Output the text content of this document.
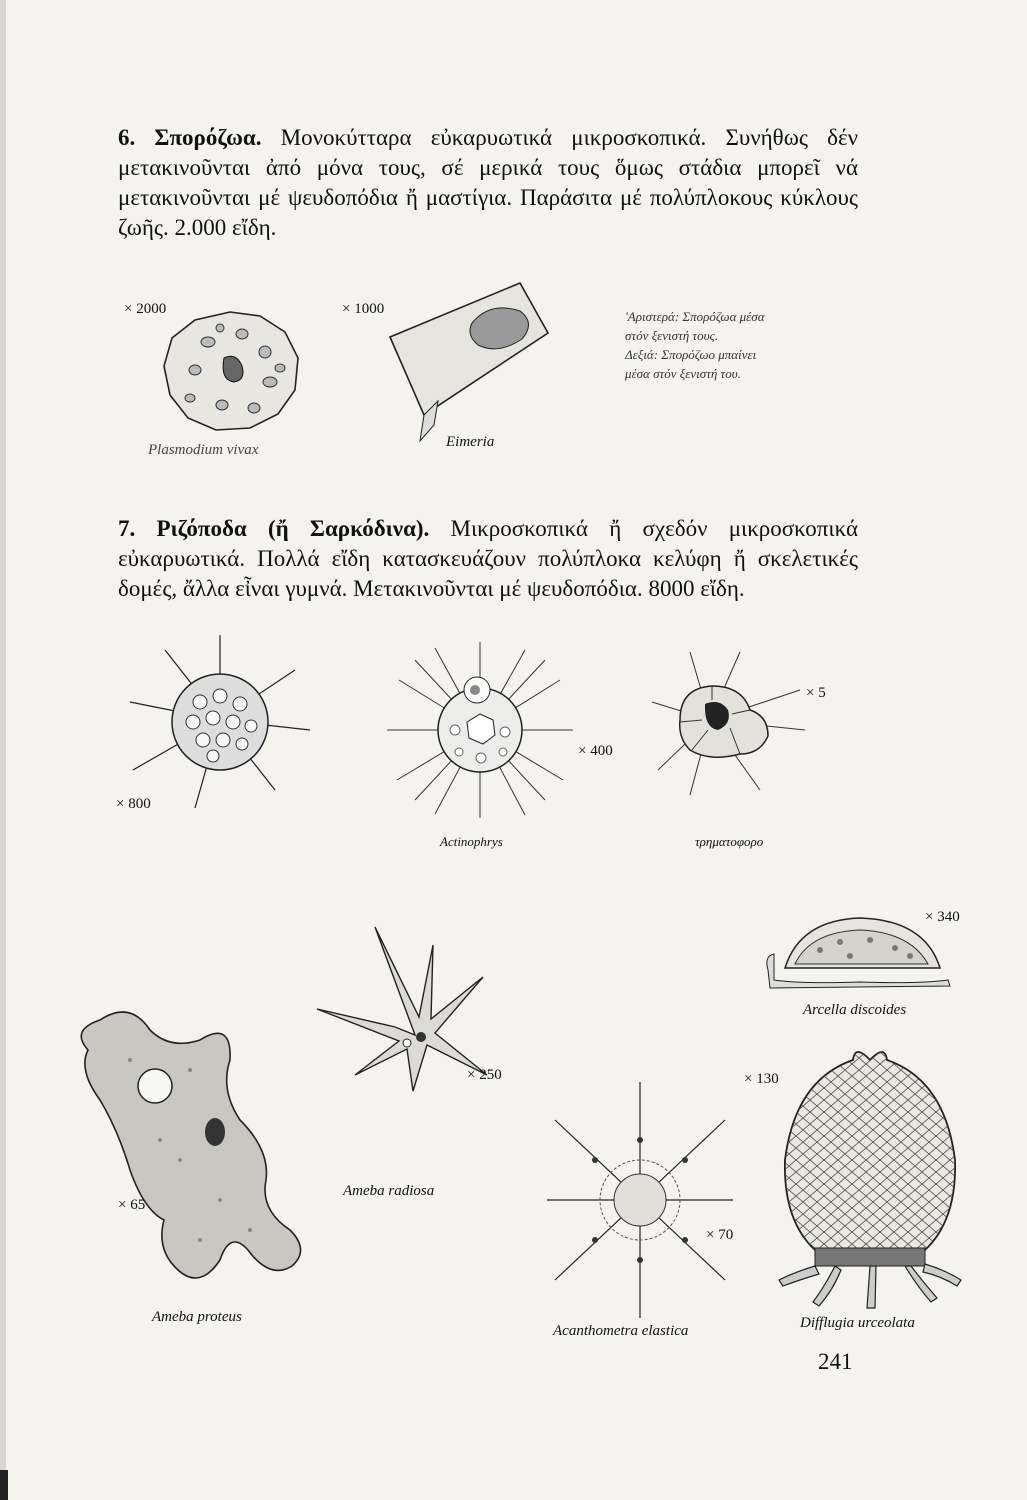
6. Σπορόζωα. Μονοκύτταρα εὐκαρυωτικά μικροσκοπικά. Συνήθως δέν μετακινοῦνται ἀπό μόνα τους, σέ μερικά τους ὅμως στάδια μπορεῖ νά μετακινοῦνται μέ ψευδοπόδια ἤ μαστίγια. Παράσιτα μέ πολύπλοκους κύκλους ζωῆς. 2.000 εἴδη.

× 2000	× 1000
Plasmodium vivax	Eimeria
'Αριστερά: Σπορόζωα μέσα
στόν ξενιστή τους.
Δεξιά: Σπορόζωο μπαίνει
μέσα στόν ξενιστή του.

7. Ριζόποδα (ἤ Σαρκόδινα). Μικροσκοπικά ἤ σχεδόν μικροσκοπικά εὐκαρυωτικά. Πολλά εἴδη κατασκευάζουν πολύπλοκα κελύφη ἤ σκελετικές δομές, ἄλλα εἶναι γυμνά. Μετακινοῦνται μέ ψευδοπόδια. 8000 εἴδη.

× 800
× 400
Actinophrys
× 5
τρηματοφορο
× 340
Arcella discoides
× 250
Ameba radiosa
× 65
Ameba proteus
× 70
Acanthometra elastica
× 130
Difflugia urceolata
241
